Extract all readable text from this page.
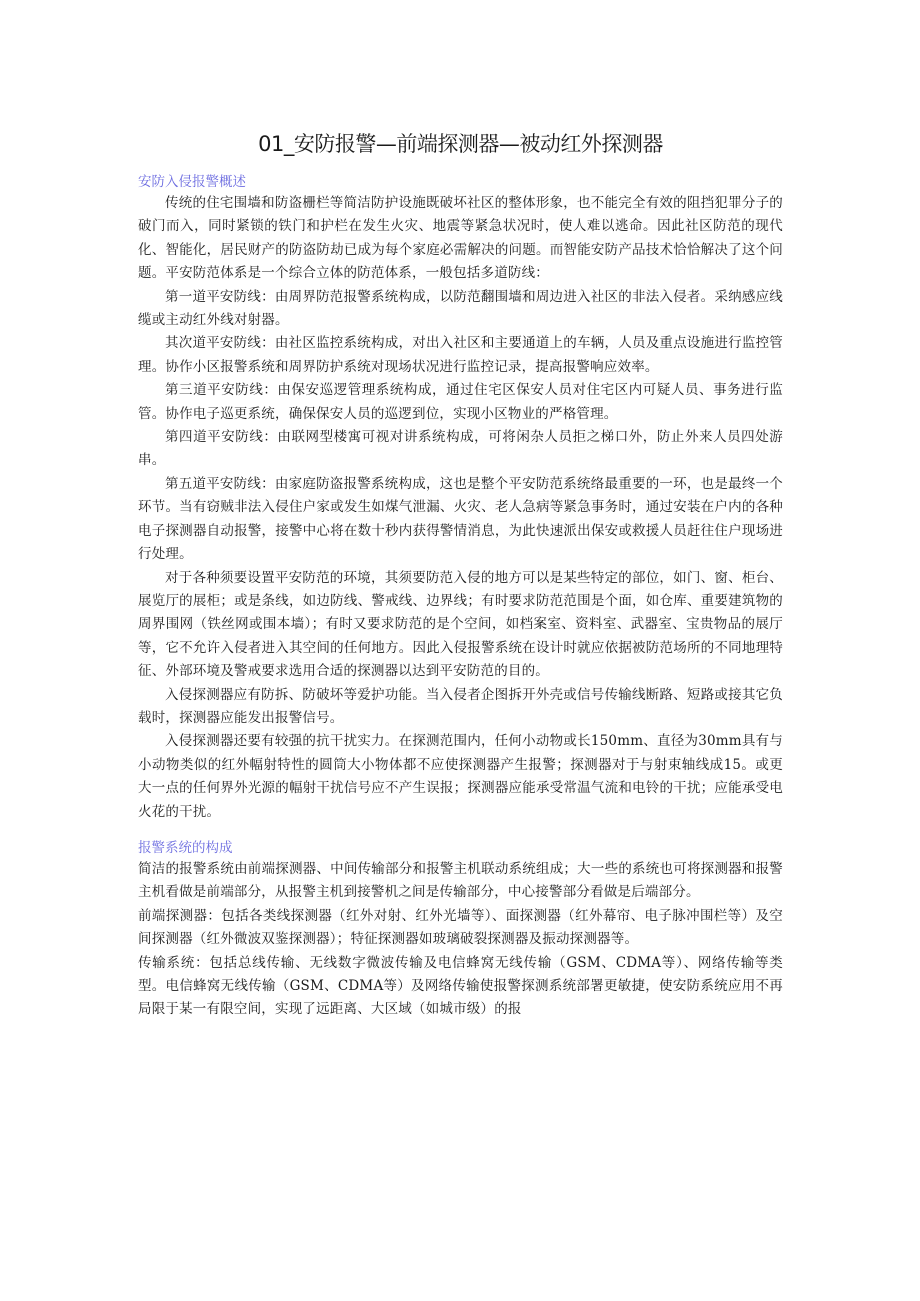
01_安防报警—前端探测器—被动红外探测器
安防入侵报警概述

传统的住宅围墙和防盗栅栏等简洁防护设施既破坏社区的整体形象，也不能完全有效的阻挡犯罪分子的破门而入，同时紧锁的铁门和护栏在发生火灾、地震等紧急状况时，使人难以逃命。因此社区防范的现代化、智能化，居民财产的防盗防劫已成为每个家庭必需解决的问题。而智能安防产品技术恰恰解决了这个问题。平安防范体系是一个综合立体的防范体系，一般包括多道防线：

第一道平安防线：由周界防范报警系统构成，以防范翻围墙和周边进入社区的非法入侵者。采纳感应线缆或主动红外线对射器。

其次道平安防线：由社区监控系统构成，对出入社区和主要通道上的车辆，人员及重点设施进行监控管理。协作小区报警系统和周界防护系统对现场状况进行监控记录，提高报警响应效率。

第三道平安防线：由保安巡逻管理系统构成，通过住宅区保安人员对住宅区内可疑人员、事务进行监管。协作电子巡更系统，确保保安人员的巡逻到位，实现小区物业的严格管理。

第四道平安防线：由联网型楼寓可视对讲系统构成，可将闲杂人员拒之梯口外，防止外来人员四处游串。

第五道平安防线：由家庭防盗报警系统构成，这也是整个平安防范系统络最重要的一环，也是最终一个环节。当有窃贼非法入侵住户家或发生如煤气泄漏、火灾、老人急病等紧急事务时，通过安装在户内的各种电子探测器自动报警，接警中心将在数十秒内获得警情消息，为此快速派出保安或救援人员赶往住户现场进行处理。

对于各种须要设置平安防范的环境，其须要防范入侵的地方可以是某些特定的部位，如门、窗、柜台、展览厅的展柜；或是条线，如边防线、警戒线、边界线；有时要求防范范围是个面，如仓库、重要建筑物的周界围网（铁丝网或围本墙）；有时又要求防范的是个空间，如档案室、资料室、武器室、宝贵物品的展厅等，它不允许入侵者进入其空间的任何地方。因此入侵报警系统在设计时就应依据被防范场所的不同地理特征、外部环境及警戒要求选用合适的探测器以达到平安防范的目的。

入侵探测器应有防拆、防破坏等爱护功能。当入侵者企图拆开外壳或信号传输线断路、短路或接其它负载时，探测器应能发出报警信号。

入侵探测器还要有较强的抗干扰实力。在探测范围内，任何小动物或长150mm、直径为30mm具有与小动物类似的红外幅射特性的圆筒大小物体都不应使探测器产生报警；探测器对于与射束轴线成15。或更大一点的任何界外光源的幅射干扰信号应不产生误报；探测器应能承受常温气流和电铃的干扰；应能承受电火花的干扰。

报警系统的构成

简洁的报警系统由前端探测器、中间传输部分和报警主机联动系统组成；大一些的系统也可将探测器和报警主机看做是前端部分，从报警主机到接警机之间是传输部分，中心接警部分看做是后端部分。

前端探测器：包括各类线探测器（红外对射、红外光墙等）、面探测器（红外幕帘、电子脉冲围栏等）及空间探测器（红外微波双鉴探测器）；特征探测器如玻璃破裂探测器及振动探测器等。

传输系统：包括总线传输、无线数字微波传输及电信蜂窝无线传输（GSM、CDMA等）、网络传输等类型。电信蜂窝无线传输（GSM、CDMA等）及网络传输使报警探测系统部署更敏捷，使安防系统应用不再局限于某一有限空间，实现了远距离、大区域（如城市级）的报
